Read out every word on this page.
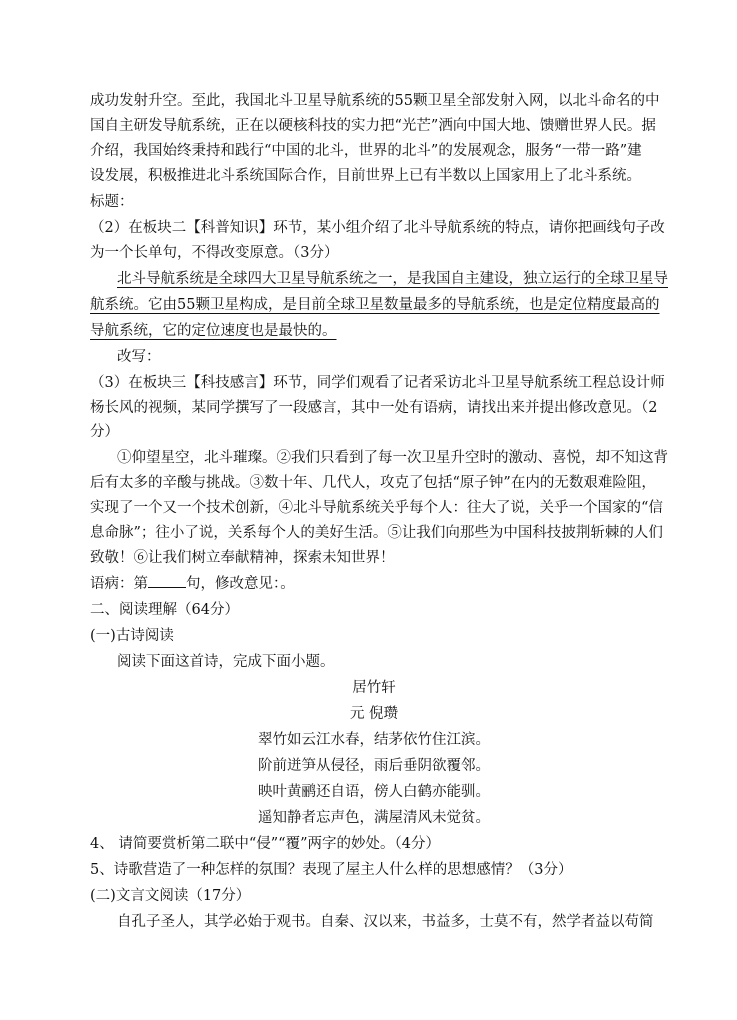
成功发射升空。至此，我国北斗卫星导航系统的55颗卫星全部发射入网，以北斗命名的中
国自主研发导航系统，正在以硬核科技的实力把“光芒”洒向中国大地、馈赠世界人民。据
介绍，我国始终秉持和践行“中国的北斗，世界的北斗”的发展观念，服务“一带一路”建
设发展，积极推进北斗系统国际合作，目前世界上已有半数以上国家用上了北斗系统。
标题：
（2）在板块二【科普知识】环节，某小组介绍了北斗导航系统的特点，请你把画线句子改
为一个长单句，不得改变原意。（3分）
北斗导航系统是全球四大卫星导航系统之一，是我国自主建设，独立运行的全球卫星导
航系统。它由55颗卫星构成，是目前全球卫星数量最多的导航系统，也是定位精度最高的
导航系统，它的定位速度也是最快的。
改写：
（3）在板块三【科技感言】环节，同学们观看了记者采访北斗卫星导航系统工程总设计师
杨长风的视频，某同学撰写了一段感言，其中一处有语病，请找出来并提出修改意见。（2
分）
①仰望星空，北斗璀璨。②我们只看到了每一次卫星升空时的激动、喜悦，却不知这背
后有太多的辛酸与挑战。③数十年、几代人，攻克了包括“原子钟”在内的无数艰难险阻，
实现了一个又一个技术创新，④北斗导航系统关乎每个人：往大了说，关乎一个国家的“信
息命脉”；往小了说，关系每个人的美好生活。⑤让我们向那些为中国科技披荆斩棘的人们
致敬！⑥让我们树立奉献精神，探索未知世界！
语病：第	句，修改意见：。
二、阅读理解（64分）
(一)古诗阅读
阅读下面这首诗，完成下面小题。
居竹轩
元 倪瓒
翠竹如云江水春，结茅依竹住江滨。
阶前迸笋从侵径，雨后垂阴欲覆邻。
映叶黄鹂还自语，傍人白鹤亦能驯。
遥知静者忘声色，满屋清风未觉贫。
4、 请简要赏析第二联中“侵”“覆”两字的妙处。（4分）
5、诗歌营造了一种怎样的氛围？表现了屋主人什么样的思想感情？（3分）
(二)文言文阅读（17分）
自孔子圣人，其学必始于观书。自秦、汉以来，书益多，士莫不有，然学者益以苟简
